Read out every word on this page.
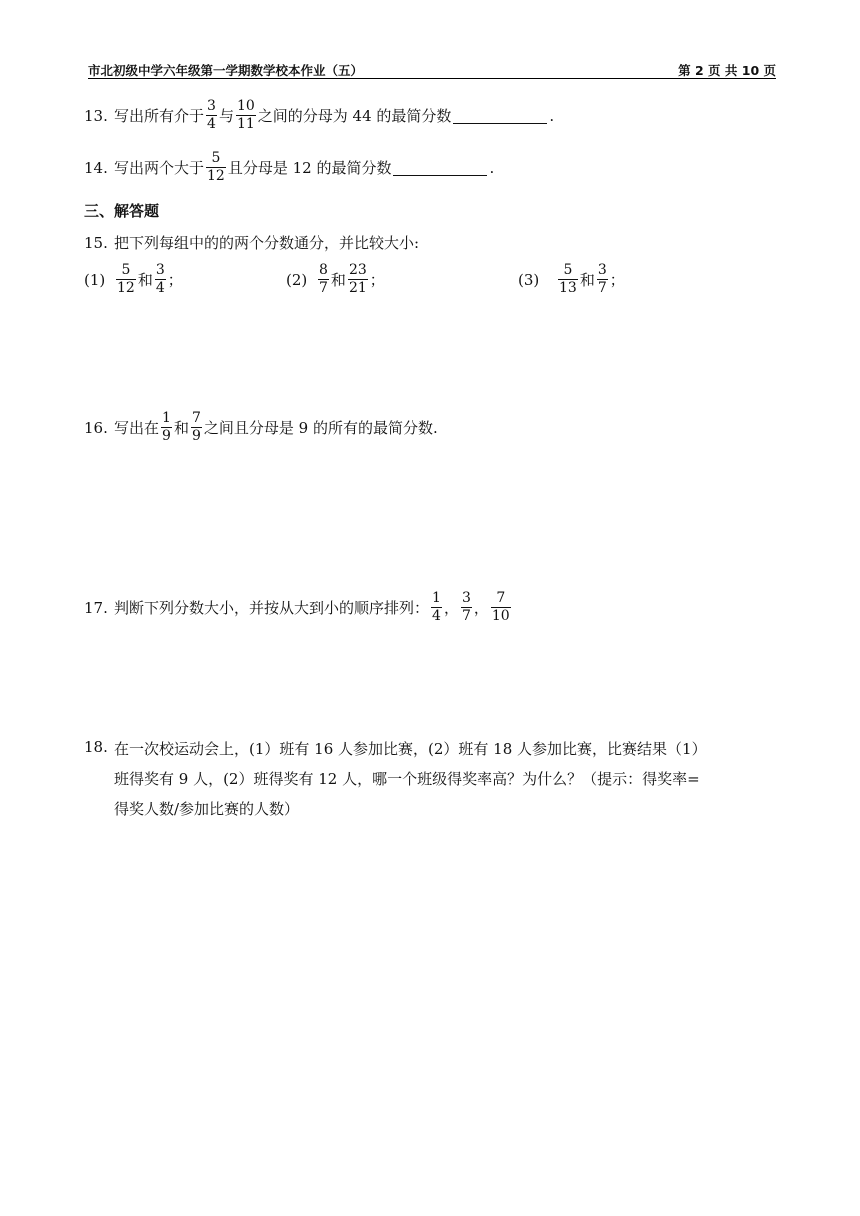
市北初级中学六年级第一学期数学校本作业（五）	第 2 页 共 10 页
13. 写出所有介于 $\frac{3}{4}$ 与 $\frac{10}{11}$ 之间的分母为 44 的最简分数	.
14. 写出两个大于 $\frac{5}{12}$ 且分母是 12 的最简分数	.
三、解答题
15. 把下列每组中的的两个分数通分，并比较大小:
$(1) \frac{5}{12}$ 和 $\frac{3}{4}$ ；	$(2) \frac{8}{7}$ 和 $\frac{23}{21}$ ；	(3)	$\frac{5}{13}$ 和 $\frac{3}{7}$ ；
16. 写出在 $\frac{1}{9}$ 和 $\frac{7}{9}$ 之间且分母是 9 的所有的最简分数.
17. 判断下列分数大小，并按从大到小的顺序排列： $\frac{1}{4}$ ， $\frac{3}{7}$ ， $\frac{7}{10}$
18. 在一次校运动会上，(1）班有 16 人参加比赛，(2）班有 18 人参加比赛，比赛结果（1）
班得奖有 9 人，(2）班得奖有 12 人，哪一个班级得奖率高？为什么？（提示：得奖率=
得奖人数/参加比赛的人数）
